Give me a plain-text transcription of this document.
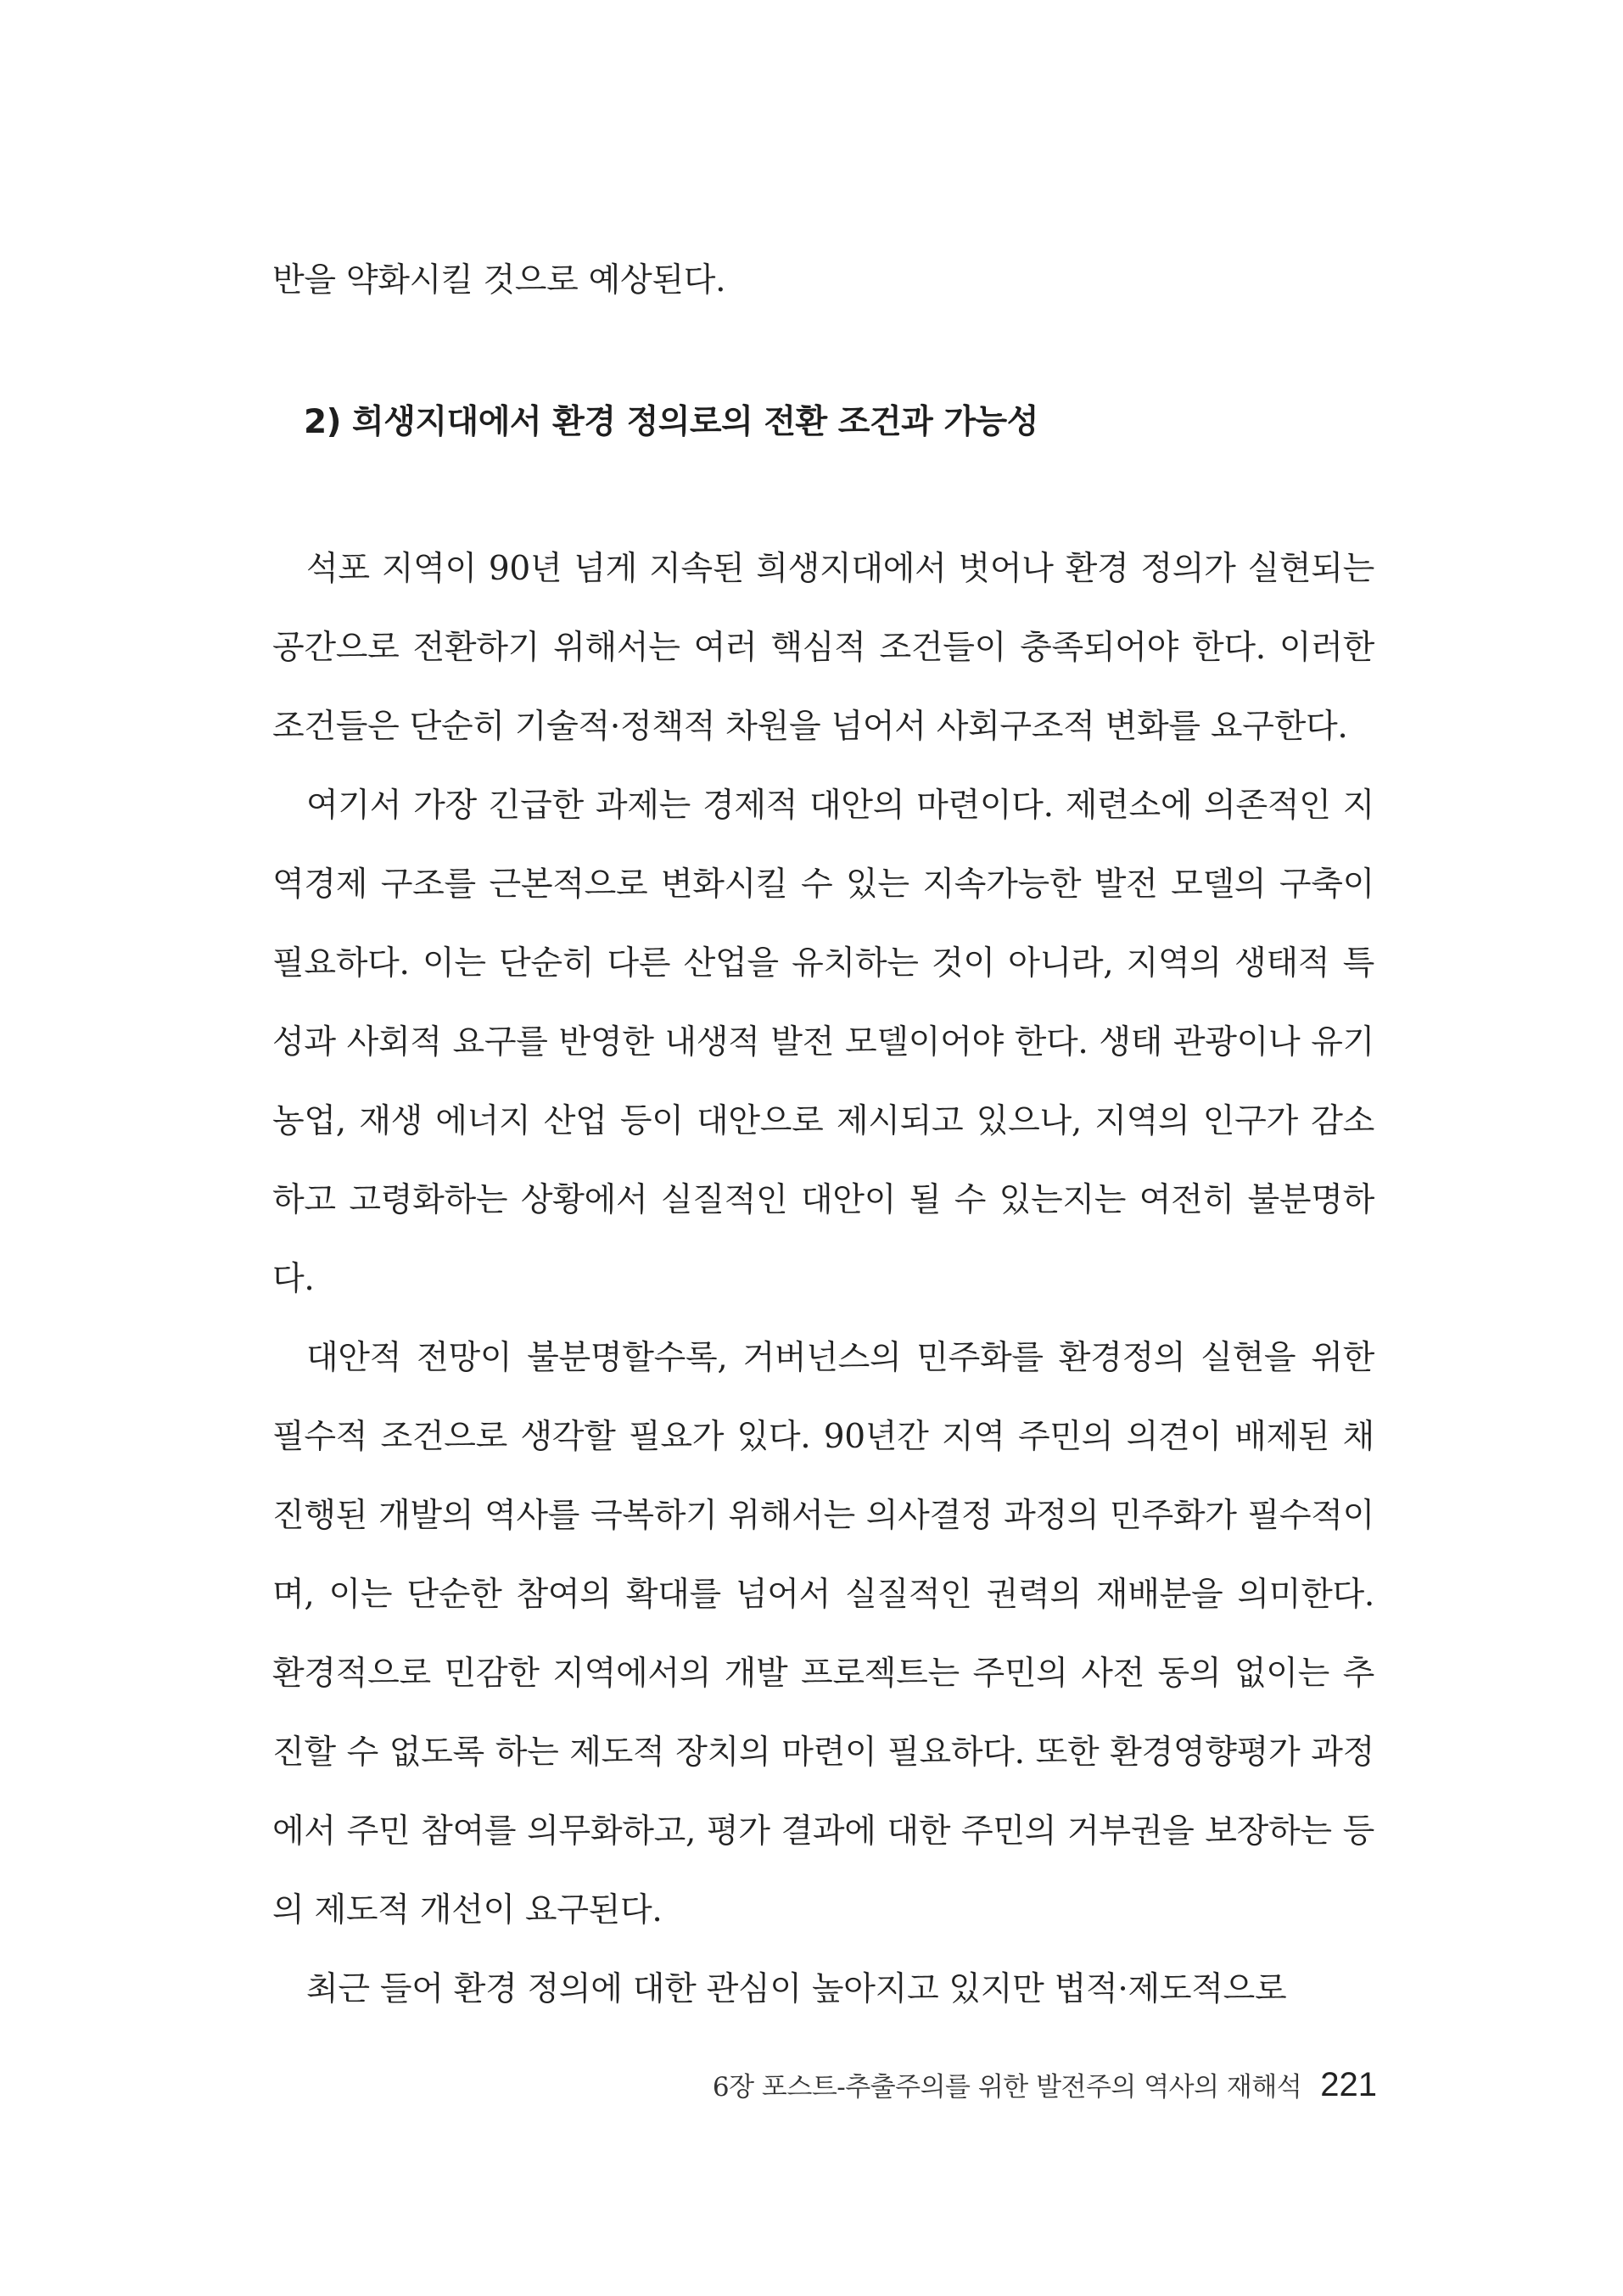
반을 약화시킬 것으로 예상된다.

2) 희생지대에서 환경 정의로의 전환 조건과 가능성

석포 지역이 90년 넘게 지속된 희생지대에서 벗어나 환경 정의가 실현되는 공간으로 전환하기 위해서는 여러 핵심적 조건들이 충족되어야 한다. 이러한 조건들은 단순히 기술적·정책적 차원을 넘어서 사회구조적 변화를 요구한다.

여기서 가장 긴급한 과제는 경제적 대안의 마련이다. 제련소에 의존적인 지역경제 구조를 근본적으로 변화시킬 수 있는 지속가능한 발전 모델의 구축이 필요하다. 이는 단순히 다른 산업을 유치하는 것이 아니라, 지역의 생태적 특성과 사회적 요구를 반영한 내생적 발전 모델이어야 한다. 생태 관광이나 유기농업, 재생 에너지 산업 등이 대안으로 제시되고 있으나, 지역의 인구가 감소하고 고령화하는 상황에서 실질적인 대안이 될 수 있는지는 여전히 불분명하다.

대안적 전망이 불분명할수록, 거버넌스의 민주화를 환경정의 실현을 위한 필수적 조건으로 생각할 필요가 있다. 90년간 지역 주민의 의견이 배제된 채 진행된 개발의 역사를 극복하기 위해서는 의사결정 과정의 민주화가 필수적이며, 이는 단순한 참여의 확대를 넘어서 실질적인 권력의 재배분을 의미한다. 환경적으로 민감한 지역에서의 개발 프로젝트는 주민의 사전 동의 없이는 추진할 수 없도록 하는 제도적 장치의 마련이 필요하다. 또한 환경영향평가 과정에서 주민 참여를 의무화하고, 평가 결과에 대한 주민의 거부권을 보장하는 등의 제도적 개선이 요구된다.

최근 들어 환경 정의에 대한 관심이 높아지고 있지만 법적·제도적으로

6장 포스트-추출주의를 위한 발전주의 역사의 재해석 221
